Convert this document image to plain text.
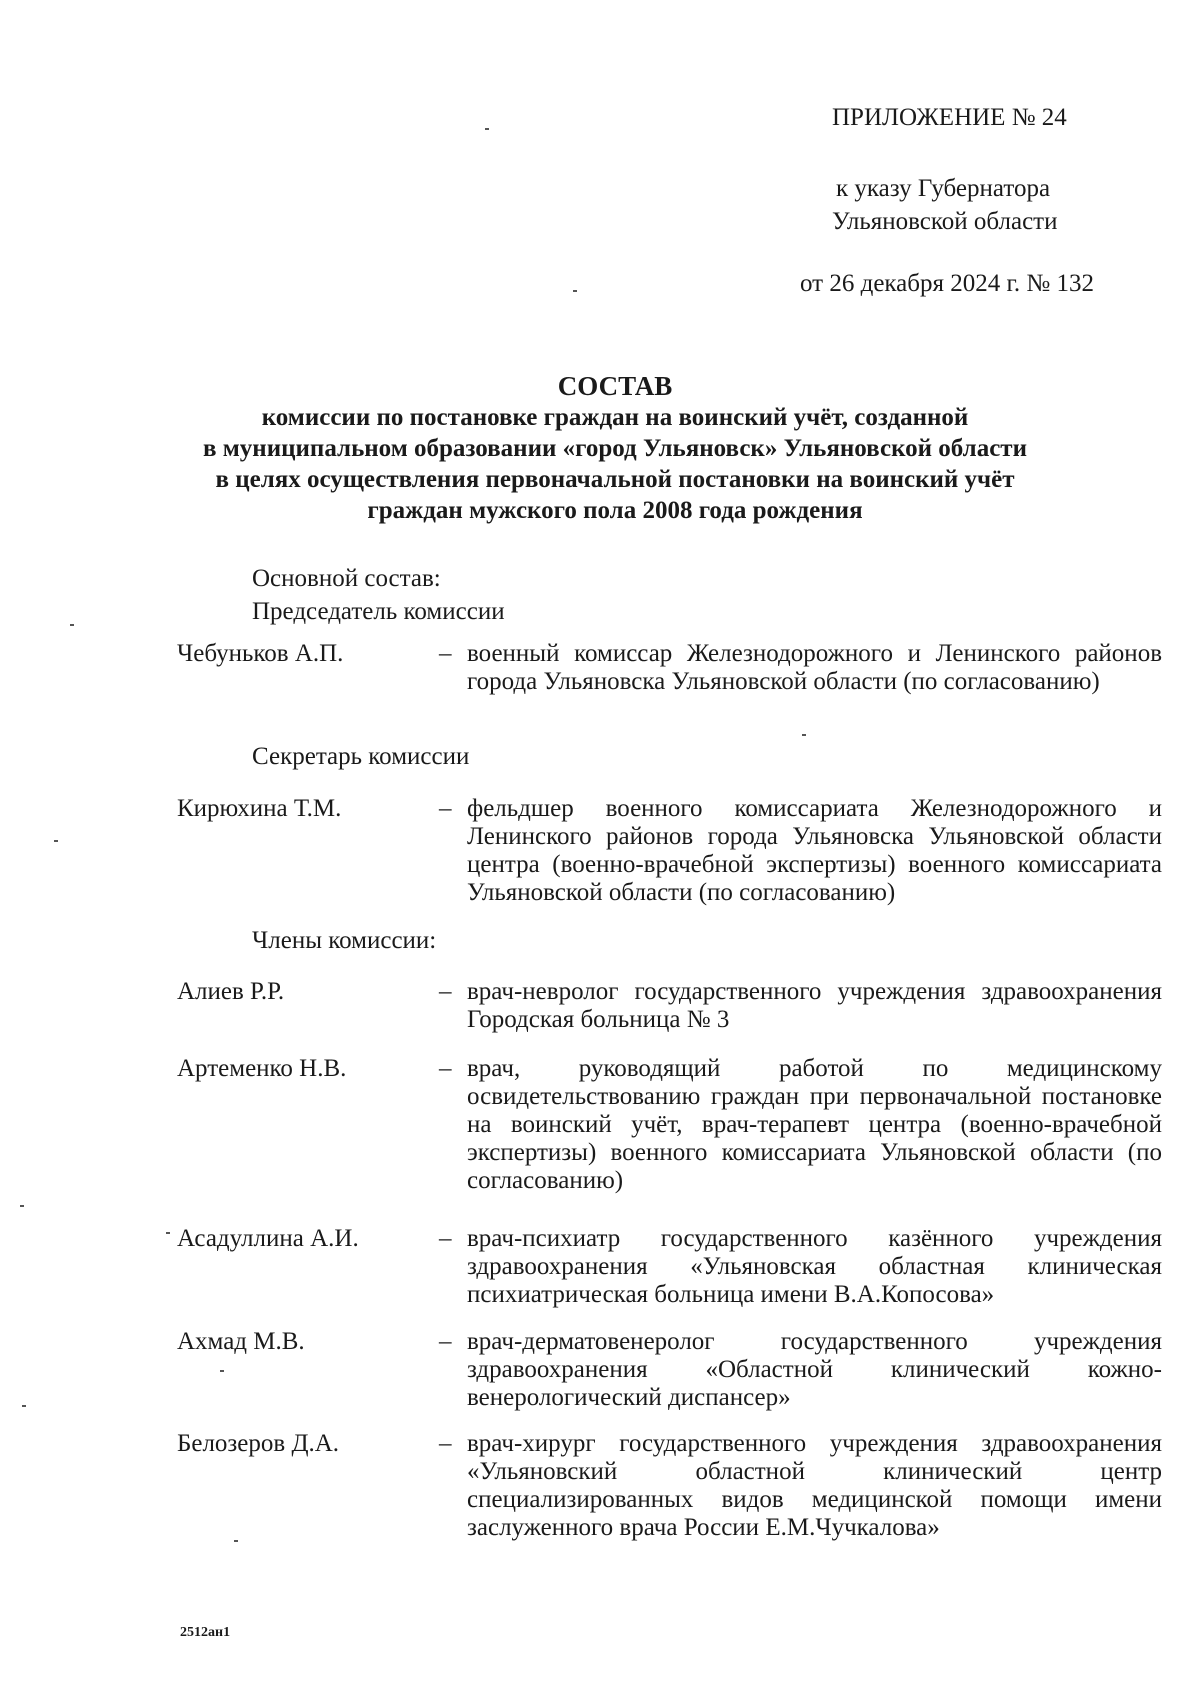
ПРИЛОЖЕНИЕ № 24
к указу Губернатора
Ульяновской области
от 26 декабря 2024 г. № 132
СОСТАВ
комиссии по постановке граждан на воинский учёт, созданной
в муниципальном образовании «город Ульяновск» Ульяновской области
в целях осуществления первоначальной постановки на воинский учёт
граждан мужского пола 2008 года рождения
Основной состав:
Председатель комиссии
Чебуньков А.П.	– военный комиссар Железнодорожного и Ленинского районов города Ульяновска Ульяновской области (по согласованию)
Секретарь комиссии
Кирюхина Т.М.	– фельдшер военного комиссариата Железнодорожного и Ленинского районов города Ульяновска Ульяновской области центра (военно-врачебной экспертизы) военного комиссариата Ульяновской области (по согласованию)
Члены комиссии:
Алиев Р.Р.	– врач-невролог государственного учреждения здравоохранения Городская больница № 3
Артеменко Н.В.	– врач, руководящий работой по медицинскому освидетельствованию граждан при первоначальной постановке на воинский учёт, врач-терапевт центра (военно-врачебной экспертизы) военного комиссариата Ульяновской области (по согласованию)
Асадуллина А.И.	– врач-психиатр государственного казённого учреждения здравоохранения «Ульяновская областная клиническая психиатрическая больница имени В.А.Копосова»
Ахмад М.В.	– врач-дерматовенеролог государственного учреждения здравоохранения «Областной клинический кожно-венерологический диспансер»
Белозеров Д.А.	– врач-хирург государственного учреждения здравоохранения «Ульяновский областной клинический центр специализированных видов медицинской помощи имени заслуженного врача России Е.М.Чучкалова»
2512ан1
